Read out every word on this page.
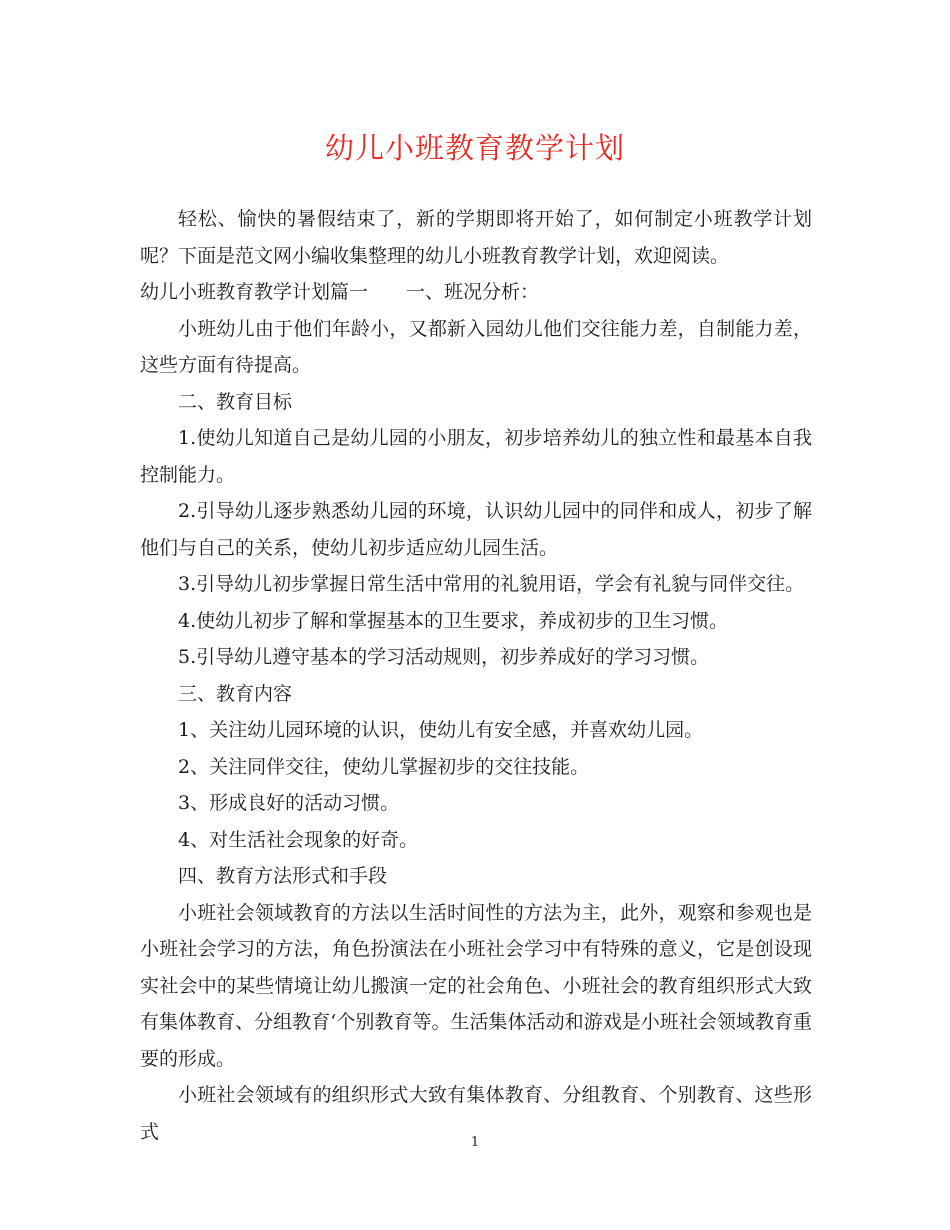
幼儿小班教育教学计划

轻松、愉快的暑假结束了，新的学期即将开始了，如何制定小班教学计划呢？下面是范文网小编收集整理的幼儿小班教育教学计划，欢迎阅读。

幼儿小班教育教学计划篇一　　一、班况分析：

小班幼儿由于他们年龄小，又都新入园幼儿他们交往能力差，自制能力差，这些方面有待提高。

二、教育目标

1.使幼儿知道自己是幼儿园的小朋友，初步培养幼儿的独立性和最基本自我控制能力。

2.引导幼儿逐步熟悉幼儿园的环境，认识幼儿园中的同伴和成人，初步了解他们与自己的关系，使幼儿初步适应幼儿园生活。

3.引导幼儿初步掌握日常生活中常用的礼貌用语，学会有礼貌与同伴交往。

4.使幼儿初步了解和掌握基本的卫生要求，养成初步的卫生习惯。

5.引导幼儿遵守基本的学习活动规则，初步养成好的学习习惯。

三、教育内容

1、关注幼儿园环境的认识，使幼儿有安全感，并喜欢幼儿园。

2、关注同伴交往，使幼儿掌握初步的交往技能。

3、形成良好的活动习惯。

4、对生活社会现象的好奇。

四、教育方法形式和手段

小班社会领域教育的方法以生活时间性的方法为主，此外，观察和参观也是小班社会学习的方法，角色扮演法在小班社会学习中有特殊的意义，它是创设现实社会中的某些情境让幼儿搬演一定的社会角色、小班社会的教育组织形式大致有集体教育、分组教育‘个别教育等。生活集体活动和游戏是小班社会领域教育重要的形成。

小班社会领域有的组织形式大致有集体教育、分组教育、个别教育、这些形式	1
